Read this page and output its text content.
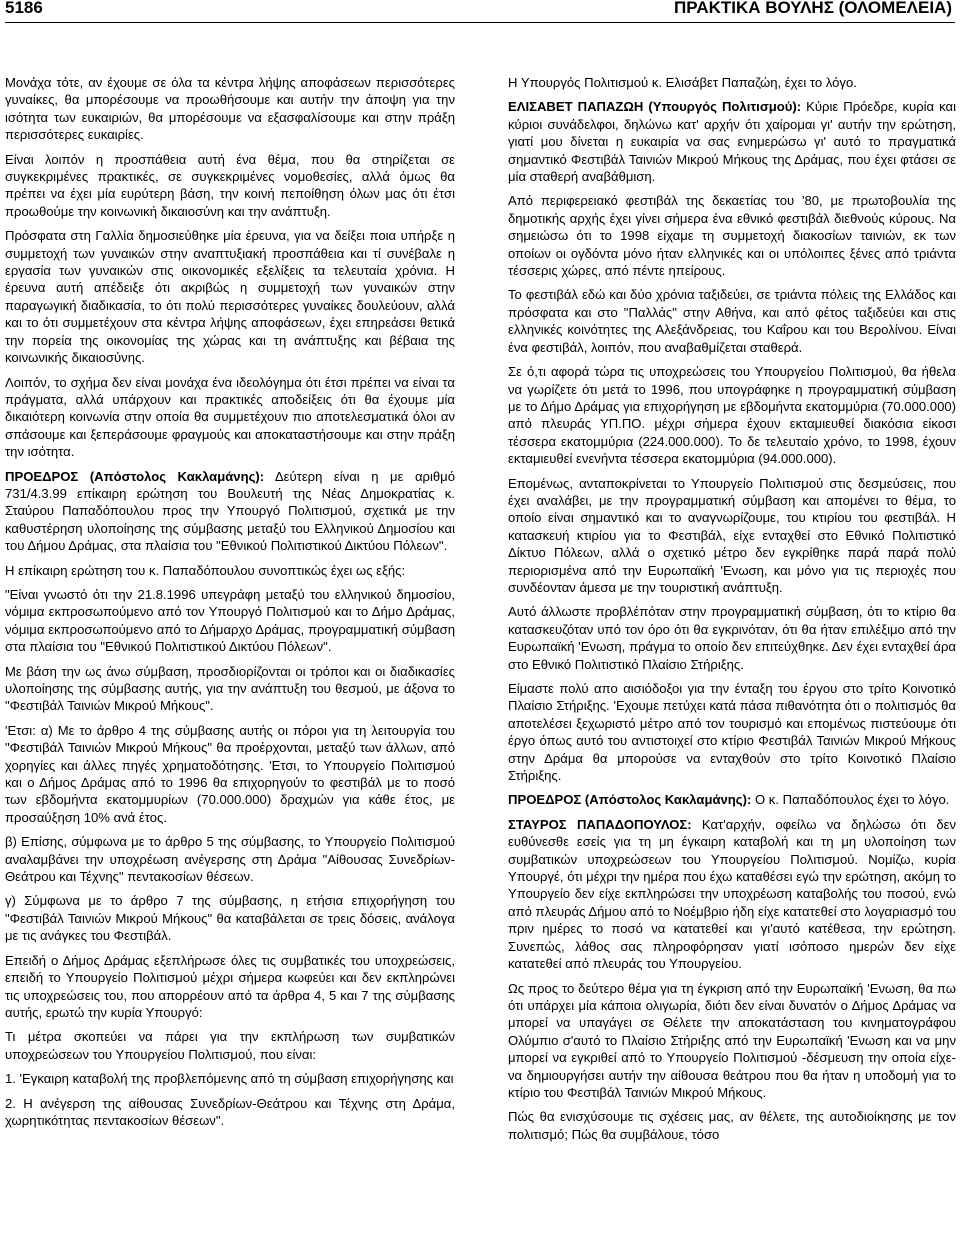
5186	ΠΡΑΚΤΙΚΑ ΒΟΥΛΗΣ (ΟΛΟΜΕΛΕΙΑ)

Μονάχα τότε, αν έχουμε σε όλα τα κέντρα λήψης αποφάσεων περισσότερες γυναίκες, θα μπορέσουμε να προωθήσουμε και αυτήν την άποψη για την ισότητα των ευκαιριών, θα μπορέσουμε να εξασφαλίσουμε και στην πράξη περισσότερες ευκαιρίες.

Είναι λοιπόν η προσπάθεια αυτή ένα θέμα, που θα στηρίζεται σε συγκεκριμένες πρακτικές, σε συγκεκριμένες νομοθεσίες, αλλά όμως θα πρέπει να έχει μία ευρύτερη βάση, την κοινή πεποίθηση όλων μας ότι έτσι προωθούμε την κοινωνική δικαιοσύνη και την ανάπτυξη.

Πρόσφατα στη Γαλλία δημοσιεύθηκε μία έρευνα, για να δείξει ποια υπήρξε η συμμετοχή των γυναικών στην αναπτυξιακή προσπάθεια και τί συνέβαλε η εργασία των γυναικών στις οικονομικές εξελίξεις τα τελευταία χρόνια. Η έρευνα αυτή απέδειξε ότι ακριβώς η συμμετοχή των γυναικών στην παραγωγική διαδικασία, το ότι πολύ περισσότερες γυναίκες δουλεύουν, αλλά και το ότι συμμετέχουν στα κέντρα λήψης αποφάσεων, έχει επηρεάσει θετικά την πορεία της οικονομίας της χώρας και τη ανάπτυξης και βέβαια της κοινωνικής δικαιοσύνης.

Λοιπόν, το σχήμα δεν είναι μονάχα ένα ιδεολόγημα ότι έτσι πρέπει να είναι τα πράγματα, αλλά υπάρχουν και πρακτικές αποδείξεις ότι θα έχουμε μία δικαιότερη κοινωνία στην οποία θα συμμετέχουν πιο αποτελεσματικά όλοι αν σπάσουμε και ξεπεράσουμε φραγμούς και αποκαταστήσουμε και στην πράξη την ισότητα.

ΠΡΟΕΔΡΟΣ (Απόστολος Κακλαμάνης): Δεύτερη είναι η με αριθμό 731/4.3.99 επίκαιρη ερώτηση του Βουλευτή της Νέας Δημοκρατίας κ. Σταύρου Παπαδόπουλου προς την Υπουργό Πολιτισμού, σχετικά με την καθυστέρηση υλοποίησης της σύμβασης μεταξύ του Ελληνικού Δημοσίου και του Δήμου Δράμας, στα πλαίσια του "Εθνικού Πολιτιστικού Δικτύου Πόλεων".

Η επίκαιρη ερώτηση του κ. Παπαδόπουλου συνοπτικώς έχει ως εξής:

"Είναι γνωστό ότι την 21.8.1996 υπεγράφη μεταξύ του ελληνικού δημοσίου, νόμιμα εκπροσωπούμενο από τον Υπουργό Πολιτισμού και το Δήμο Δράμας, νόμιμα εκπροσωπούμενο από το Δήμαρχο Δράμας, προγραμματική σύμβαση στα πλαίσια του "Εθνικού Πολιτιστικού Δικτύου Πόλεων".

Με βάση την ως άνω σύμβαση, προσδιορίζονται οι τρόποι και οι διαδικασίες υλοποίησης της σύμβασης αυτής, για την ανάπτυξη του θεσμού, με άξονα το "Φεστιβάλ Ταινιών Μικρού Μήκους".

'Ετσι: α) Με το άρθρο 4 της σύμβασης αυτής οι πόροι για τη λειτουργία του "Φεστιβάλ Ταινιών Μικρού Μήκους" θα προέρχονται, μεταξύ των άλλων, από χορηγίες και άλλες πηγές χρηματοδότησης. 'Ετσι, το Υπουργείο Πολιτισμού και ο Δήμος Δράμας από το 1996 θα επιχορηγούν το φεστιβάλ με το ποσό των εβδομήντα εκατομμυρίων (70.000.000) δραχμών για κάθε έτος, με προσαύξηση 10% ανά έτος.

β) Επίσης, σύμφωνα με το άρθρο 5 της σύμβασης, το Υπουργείο Πολιτισμού αναλαμβάνει την υποχρέωση ανέγερσης στη Δράμα "Αίθουσας Συνεδρίων-Θεάτρου και Τέχνης" πεντακοσίων θέσεων.

γ) Σύμφωνα με το άρθρο 7 της σύμβασης, η ετήσια επιχορήγηση του "Φεστιβάλ Ταινιών Μικρού Μήκους" θα καταβάλεται σε τρεις δόσεις, ανάλογα με τις ανάγκες του Φεστιβάλ.

Επειδή ο Δήμος Δράμας εξεπλήρωσε όλες τις συμβατικές του υποχρεώσεις, επειδή το Υπουργείο Πολιτισμού μέχρι σήμερα κωφεύει και δεν εκπληρώνει τις υποχρεώσεις του, που απορρέουν από τα άρθρα 4, 5 και 7 της σύμβασης αυτής, ερωτώ την κυρία Υπουργό:

Τι μέτρα σκοπεύει να πάρει για την εκπλήρωση των συμβατικών υποχρεώσεων του Υπουργείου Πολιτισμού, που είναι:

1. 'Εγκαιρη καταβολή της προβλεπόμενης από τη σύμβαση επιχορήγησης και

2. Η ανέγερση της αίθουσας Συνεδρίων-Θεάτρου και Τέχνης στη Δράμα, χωρητικότητας πεντακοσίων θέσεων".

Η Υπουργός Πολιτισμού κ. Ελισάβετ Παπαζώη, έχει το λόγο.

ΕΛΙΣΑΒΕΤ ΠΑΠΑΖΩΗ (Υπουργός Πολιτισμού): Κύριε Πρόεδρε, κυρία και κύριοι συνάδελφοι, δηλώνω κατ' αρχήν ότι χαίρομαι γι' αυτήν την ερώτηση, γιατί μου δίνεται η ευκαιρία να σας ενημερώσω γι' αυτό το πραγματικά σημαντικό Φεστιβάλ Ταινιών Μικρού Μήκους της Δράμας, που έχει φτάσει σε μία σταθερή αναβάθμιση.

Από περιφερειακό φεστιβάλ της δεκαετίας του '80, με πρωτοβουλία της δημοτικής αρχής έχει γίνει σήμερα ένα εθνικό φεστιβάλ διεθνούς κύρους. Να σημειώσω ότι το 1998 είχαμε τη συμμετοχή διακοσίων ταινιών, εκ των οποίων οι ογδόντα μόνο ήταν ελληνικές και οι υπόλοιπες ξένες από τριάντα τέσσερις χώρες, από πέντε ηπείρους.

Το φεστιβάλ εδώ και δύο χρόνια ταξιδεύει, σε τριάντα πόλεις της Ελλάδος και πρόσφατα και στο "Παλλάς" στην Αθήνα, και από φέτος ταξιδεύει και στις ελληνικές κοινότητες της Αλεξάνδρειας, του Καΐρου και του Βερολίνου. Είναι ένα φεστιβάλ, λοιπόν, που αναβαθμίζεται σταθερά.

Σε ό,τι αφορά τώρα τις υποχρεώσεις του Υπουργείου Πολιτισμού, θα ήθελα να γωρίζετε ότι μετά το 1996, που υπογράφηκε η προγραμματική σύμβαση με το Δήμο Δράμας για επιχορήγηση με εβδομήντα εκατομμύρια (70.000.000) από πλευράς ΥΠ.ΠΟ. μέχρι σήμερα έχουν εκταμιευθεί διακόσια είκοσι τέσσερα εκατομμύρια (224.000.000). Το δε τελευταίο χρόνο, το 1998, έχουν εκταμιευθεί ενενήντα τέσσερα εκατομμύρια (94.000.000).

Επομένως, ανταποκρίνεται το Υπουργείο Πολιτισμού στις δεσμεύσεις, που έχει αναλάβει, με την προγραμματική σύμβαση και απομένει το θέμα, το οποίο είναι σημαντικό και το αναγνωρίζουμε, του κτιρίου του φεστιβάλ. Η κατασκευή κτιρίου για το Φεστιβάλ, είχε ενταχθεί στο Εθνικό Πολιτιστικό Δίκτυο Πόλεων, αλλά ο σχετικό μέτρο δεν εγκρίθηκε παρά παρά πολύ περιορισμένα από την Ευρωπαϊκή 'Ενωση, και μόνο για τις περιοχές που συνδέονταν άμεσα με την τουριστική ανάπτυξη.

Αυτό άλλωστε προβλέπόταν στην προγραμματική σύμβαση, ότι το κτίριο θα κατασκευζόταν υπό τον όρο ότι θα εγκρινόταν, ότι θα ήταν επιλέξιμο από την Ευρωπαϊκή 'Ενωση, πράγμα το οποίο δεν επιτεύχθηκε. Δεν έχει ενταχθεί άρα στο Εθνικό Πολιτιστικό Πλαίσιο Στήριξης.

Είμαστε πολύ απο αισιόδοξοι για την ένταξη του έργου στο τρίτο Κοινοτικό Πλαίσιο Στήριξης. 'Εχουμε πετύχει κατά πάσα πιθανότητα ότι ο πολιτισμός θα αποτελέσει ξεχωριστό μέτρο από τον τουρισμό και επομένως πιστεύουμε ότι έργο όπως αυτό του αντιστοιχεί στο κτίριο Φεστιβάλ Ταινιών Μικρού Μήκους στην Δράμα θα μπορούσε να ενταχθούν στο τρίτο Κοινοτικό Πλαίσιο Στήριξης.

ΠΡΟΕΔΡΟΣ (Απόστολος Κακλαμάνης): Ο κ. Παπαδόπουλος έχει το λόγο.

ΣΤΑΥΡΟΣ ΠΑΠΑΔΟΠΟΥΛΟΣ: Κατ'αρχήν, οφείλω να δηλώσω ότι δεν ευθύνεσθε εσείς για τη μη έγκαιρη καταβολή και τη μη υλοποίηση των συμβατικών υποχρεώσεων του Υπουργείου Πολιτισμού. Νομίζω, κυρία Υπουργέ, ότι μέχρι την ημέρα που έχω καταθέσει εγώ την ερώτηση, ακόμη το Υπουργείο δεν είχε εκπληρώσει την υποχρέωση καταβολής του ποσού, ενώ από πλευράς Δήμου από το Νοέμβριο ήδη είχε κατατεθεί στο λογαριασμό του πριν ημέρες το ποσό να κατατεθεί και γι'αυτό κατέθεσα, την ερώτηση. Συνεπώς, λάθος σας πληροφόρησαν γιατί ισόποσο ημερών δεν είχε κατατεθεί από πλευράς του Υπουργείου.

Ως προς το δεύτερο θέμα για τη έγκριση από την Ευρωπαϊκή 'Ενωση, θα πω ότι υπάρχει μία κάποια ολιγωρία, διότι δεν είναι δυνατόν ο Δήμος Δράμας να μπορεί να υπαγάγει σε Θέλετε την αποκατάσταση του κινηματογράφου Ολύμπιο σ'αυτό το Πλαίσιο Στήριξης από την Ευρωπαϊκή 'Ενωση και να μην μπορεί να εγκριθεί από το Υπουργείο Πολιτισμού -δέσμευση την οποία είχε- να δημιουργήσει αυτήν την αίθουσα θεάτρου που θα ήταν η υποδομή για το κτίριο του Φεστιβάλ Ταινιών Μικρού Μήκους.

Πώς θα ενισχύσουμε τις σχέσεις μας, αν θέλετε, της αυτοδιοίκησης με τον πολιτισμό; Πώς θα συμβάλουε, τόσο
